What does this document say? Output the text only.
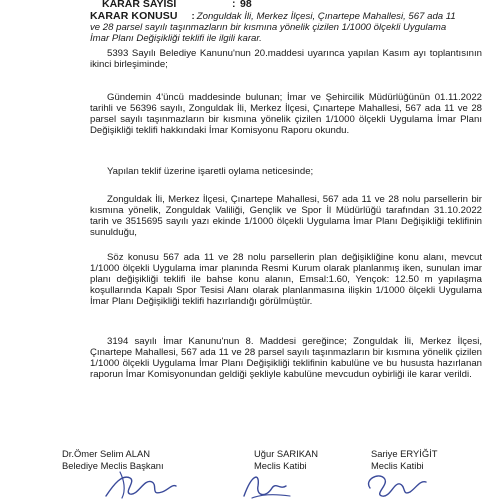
KARAR SAYISI	: 98
KARAR KONUSU : Zonguldak İli, Merkez İlçesi, Çınartepe Mahallesi, 567 ada 11 ve 28 parsel sayılı taşınmazların bir kısmına yönelik çizilen 1/1000 ölçekli Uygulama İmar Planı Değişikliği teklifi ile ilgili karar.

5393 Sayılı Belediye Kanunu'nun 20.maddesi uyarınca yapılan Kasım ayı toplantısının ikinci birleşiminde;

Gündemin 4'üncü maddesinde bulunan; İmar ve Şehircilik Müdürlüğünün 01.11.2022 tarihli ve 56396 sayılı, Zonguldak İli, Merkez İlçesi, Çınartepe Mahallesi, 567 ada 11 ve 28 parsel sayılı taşınmazların bir kısmına yönelik çizilen 1/1000 ölçekli Uygulama İmar Planı Değişikliği teklifi hakkındaki İmar Komisyonu Raporu okundu.

Yapılan teklif üzerine işaretli oylama neticesinde;

Zonguldak İli, Merkez İlçesi, Çınartepe Mahallesi, 567 ada 11 ve 28 nolu parsellerin bir kısmına yönelik, Zonguldak Valiliği, Gençlik ve Spor İl Müdürlüğü tarafından 31.10.2022 tarih ve 3515695 sayılı yazı ekinde 1/1000 ölçekli Uygulama İmar Planı Değişikliği teklifinin sunulduğu,

Söz konusu 567 ada 11 ve 28 nolu parsellerin plan değişikliğine konu alanı, mevcut 1/1000 ölçekli Uygulama imar planında Resmi Kurum olarak planlanmış iken, sunulan imar planı değişikliği teklifi ile bahse konu alanın, Emsal:1.60, Yençok: 12.50 m yapılaşma koşullarında Kapalı Spor Tesisi Alanı olarak planlanmasına ilişkin 1/1000 ölçekli Uygulama İmar Planı Değişikliği teklifi hazırlandığı görülmüştür.

3194 sayılı İmar Kanunu'nun 8. Maddesi gereğince; Zonguldak İli, Merkez İlçesi, Çınartepe Mahallesi, 567 ada 11 ve 28 parsel sayılı taşınmazların bir kısmına yönelik çizilen 1/1000 ölçekli Uygulama İmar Planı Değişikliği teklifinin kabulüne ve bu hususta hazırlanan raporun İmar Komisyonundan geldiği şekliyle kabulüne mevcudun oybirliği ile karar verildi.

Dr.Ömer Selim ALAN
Belediye Meclis Başkanı
Uğur SARIKAN
Meclis Katibi
Sariye ERYİĞİT
Meclis Katibi
